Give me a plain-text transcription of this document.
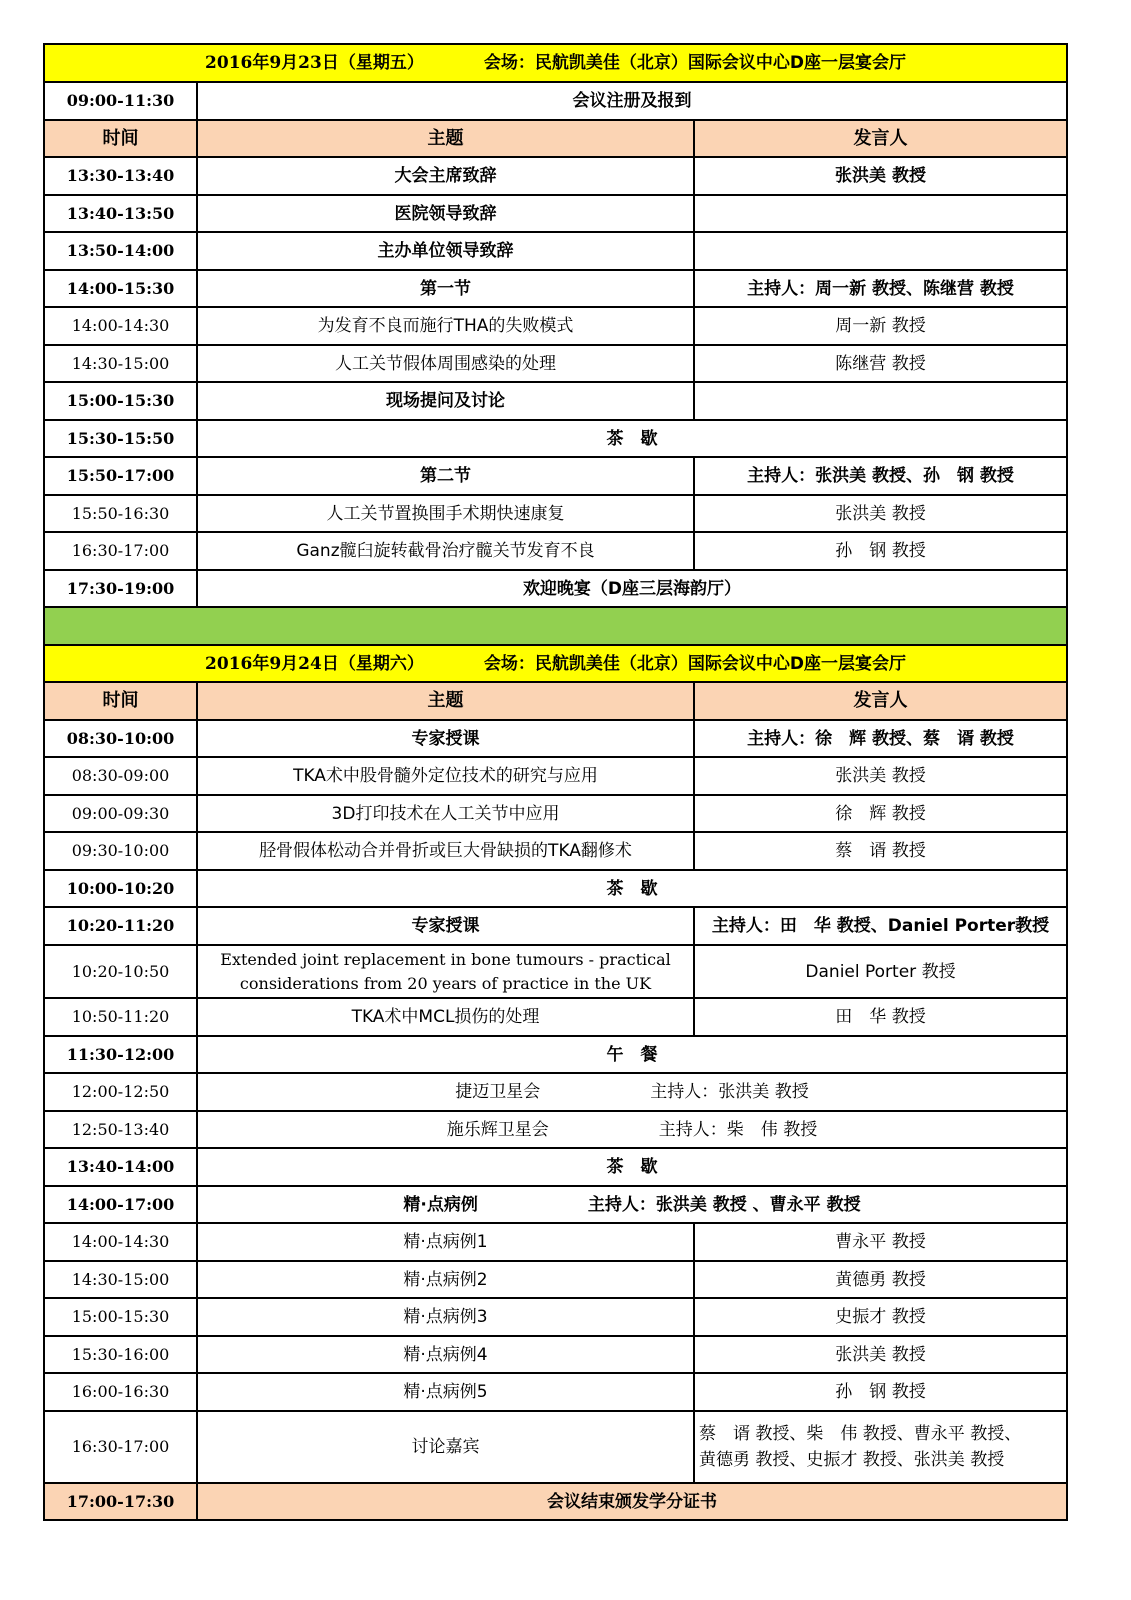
2016年9月23日（星期五） 会场：民航凯美佳（北京）国际会议中心D座一层宴会厅		
09:00-11:30	会议注册及报到	
时间	主题	发言人
13:30-13:40	大会主席致辞	张洪美 教授
13:40-13:50	医院领导致辞	
13:50-14:00	主办单位领导致辞	
14:00-15:30	第一节	主持人：周一新 教授、陈继营 教授
14:00-14:30	为发育不良而施行THA的失败模式	周一新 教授
14:30-15:00	人工关节假体周围感染的处理	陈继营 教授
15:00-15:30	现场提问及讨论	
15:30-15:50	茶　歇	
15:50-17:00	第二节	主持人：张洪美 教授、孙　钢 教授
15:50-16:30	人工关节置换围手术期快速康复	张洪美 教授
16:30-17:00	Ganz髋臼旋转截骨治疗髋关节发育不良	孙　钢 教授
17:30-19:00	欢迎晚宴（D座三层海韵厅）	

2016年9月24日（星期六） 会场：民航凯美佳（北京）国际会议中心D座一层宴会厅		
时间	主题	发言人
08:30-10:00	专家授课	主持人：徐　辉 教授、蔡　谞 教授
08:30-09:00	TKA术中股骨髓外定位技术的研究与应用	张洪美 教授
09:00-09:30	3D打印技术在人工关节中应用	徐　辉 教授
09:30-10:00	胫骨假体松动合并骨折或巨大骨缺损的TKA翻修术	蔡　谞 教授
10:00-10:20	茶　歇	
10:20-11:20	专家授课	主持人：田　华 教授、Daniel Porter教授
10:20-10:50	Extended joint replacement in bone tumours - practical
considerations from 20 years of practice in the UK	Daniel Porter 教授
10:50-11:20	TKA术中MCL损伤的处理	田　华 教授
11:30-12:00	午　餐	
12:00-12:50	捷迈卫星会 主持人：张洪美 教授	
12:50-13:40	施乐辉卫星会 主持人：柴　伟 教授	
13:40-14:00	茶　歇	
14:00-17:00	精·点病例 主持人：张洪美 教授 、曹永平 教授	
14:00-14:30	精·点病例1	曹永平 教授
14:30-15:00	精·点病例2	黄德勇 教授
15:00-15:30	精·点病例3	史振才 教授
15:30-16:00	精·点病例4	张洪美 教授
16:00-16:30	精·点病例5	孙　钢 教授
16:30-17:00	讨论嘉宾	蔡　谞 教授、柴　伟 教授、曹永平 教授、
黄德勇 教授、史振才 教授、张洪美 教授

17:00-17:30	会议结束颁发学分证书	
